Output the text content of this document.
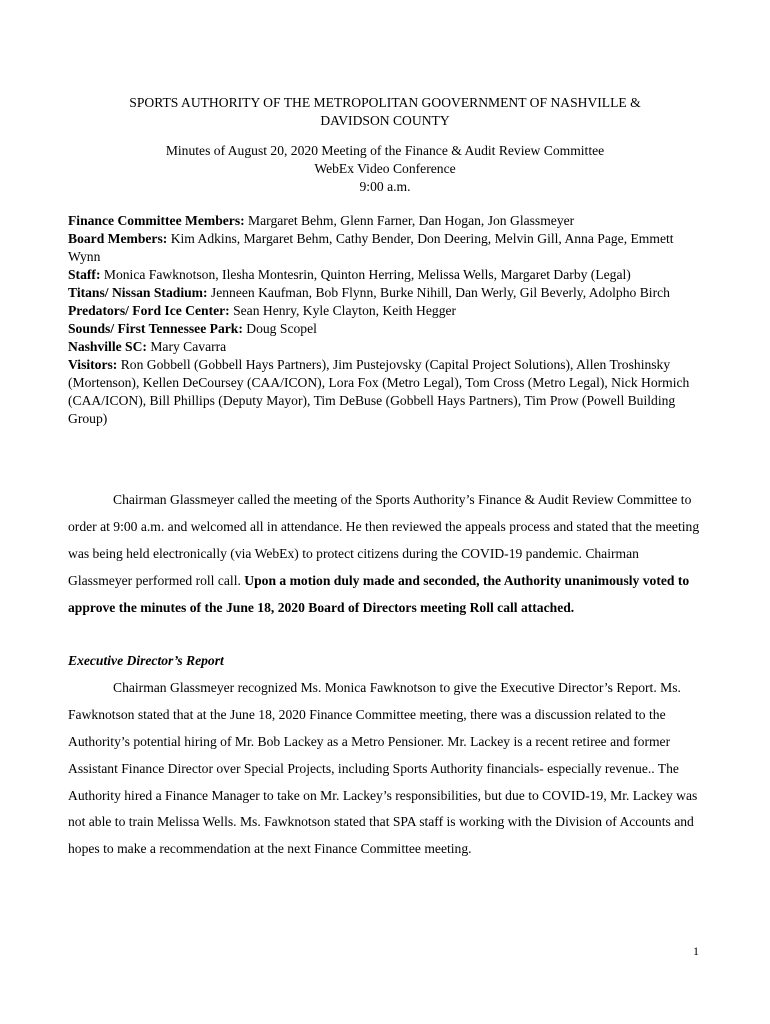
SPORTS AUTHORITY OF THE METROPOLITAN GOOVERNMENT OF NASHVILLE &
DAVIDSON COUNTY
Minutes of August 20, 2020 Meeting of the Finance & Audit Review Committee
WebEx Video Conference
9:00 a.m.

Finance Committee Members: Margaret Behm, Glenn Farner, Dan Hogan, Jon Glassmeyer

Board Members: Kim Adkins, Margaret Behm, Cathy Bender, Don Deering, Melvin Gill, Anna Page, Emmett Wynn

Staff: Monica Fawknotson, Ilesha Montesrin, Quinton Herring, Melissa Wells, Margaret Darby (Legal)

Titans/ Nissan Stadium: Jenneen Kaufman, Bob Flynn, Burke Nihill, Dan Werly, Gil Beverly, Adolpho Birch

Predators/ Ford Ice Center: Sean Henry, Kyle Clayton, Keith Hegger

Sounds/ First Tennessee Park: Doug Scopel

Nashville SC: Mary Cavarra

Visitors: Ron Gobbell (Gobbell Hays Partners), Jim Pustejovsky (Capital Project Solutions), Allen Troshinsky (Mortenson), Kellen DeCoursey (CAA/ICON), Lora Fox (Metro Legal), Tom Cross (Metro Legal), Nick Hormich (CAA/ICON), Bill Phillips (Deputy Mayor), Tim DeBuse (Gobbell Hays Partners), Tim Prow (Powell Building Group)

Chairman Glassmeyer called the meeting of the Sports Authority’s Finance & Audit Review Committee to order at 9:00 a.m. and welcomed all in attendance. He then reviewed the appeals process and stated that the meeting was being held electronically (via WebEx) to protect citizens during the COVID-19 pandemic. Chairman Glassmeyer performed roll call. Upon a motion duly made and seconded, the Authority unanimously voted to approve the minutes of the June 18, 2020 Board of Directors meeting Roll call attached.
Executive Director’s Report
Chairman Glassmeyer recognized Ms. Monica Fawknotson to give the Executive Director’s Report. Ms. Fawknotson stated that at the June 18, 2020 Finance Committee meeting, there was a discussion related to the Authority’s potential hiring of Mr. Bob Lackey as a Metro Pensioner. Mr. Lackey is a recent retiree and former Assistant Finance Director over Special Projects, including Sports Authority financials- especially revenue.. The Authority hired a Finance Manager to take on Mr. Lackey’s responsibilities, but due to COVID-19, Mr. Lackey was not able to train Melissa Wells. Ms. Fawknotson stated that SPA staff is working with the Division of Accounts and hopes to make a recommendation at the next Finance Committee meeting.
1
